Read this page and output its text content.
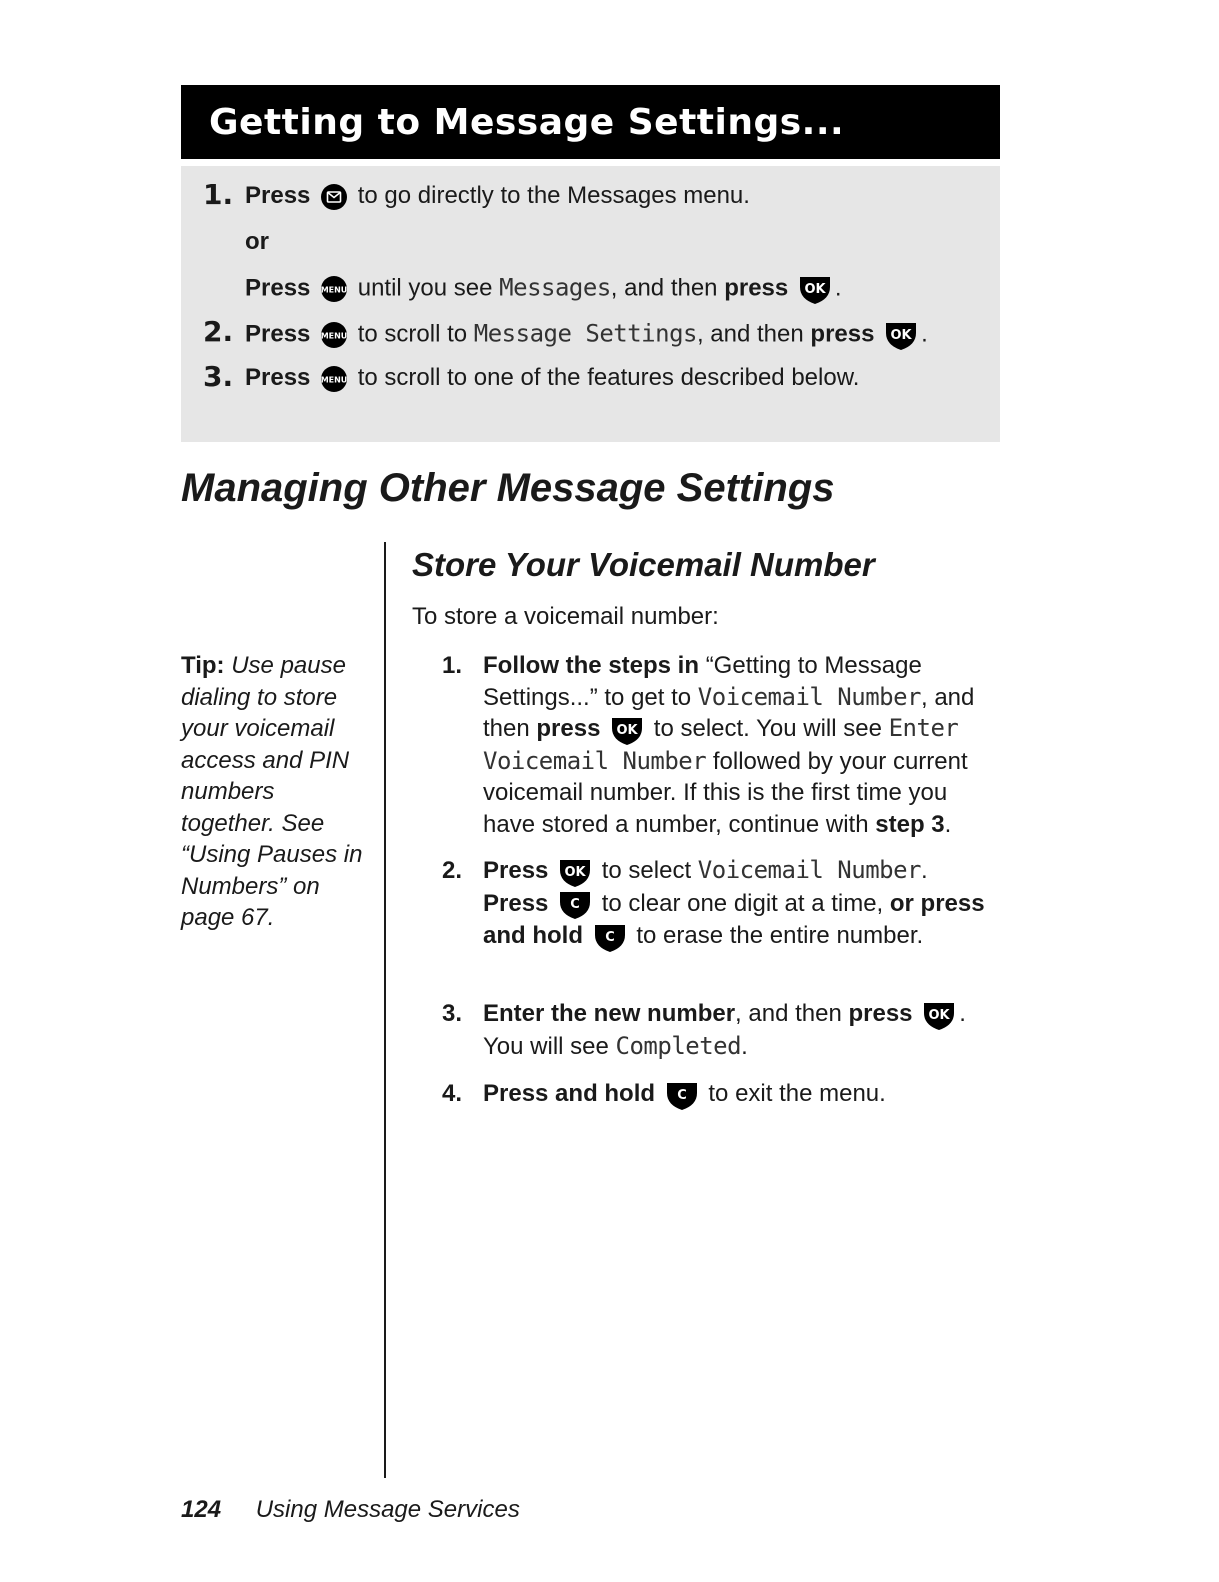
Getting to Message Settings...
1. Press to go directly to the Messages menu.
or
Press MENU until you see Messages, and then press OK .
2. Press MENU to scroll to Message Settings, and then press OK .
3. Press MENU to scroll to one of the features described below.
Managing Other Message Settings
Tip: Use pause dialing to store your voicemail access and PIN numbers together. See “Using Pauses in Numbers” on page 67.
Store Your Voicemail Number
To store a voicemail number:
1. Follow the steps in “Getting to Message Settings...” to get to Voicemail Number, and then press OK to select. You will see Enter Voicemail Number followed by your current voicemail number. If this is the first time you have stored a number, continue with step 3.
2. Press OK to select Voicemail Number.
Press C to clear one digit at a time, or press and hold C to erase the entire number.
3. Enter the new number, and then press OK .
You will see Completed.
4. Press and hold C to exit the menu.
124 Using Message Services
